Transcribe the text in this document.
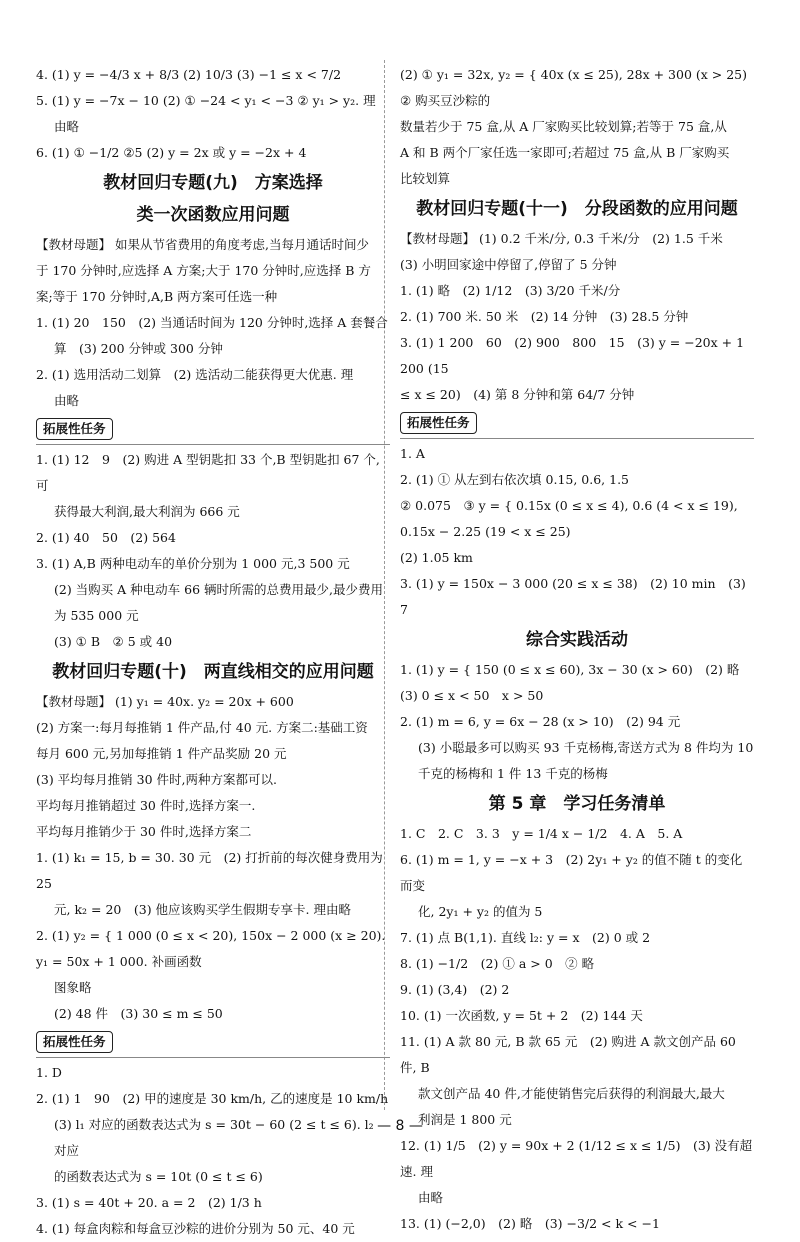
4. (1) y = −4/3 x + 8/3 (2) 10/3 (3) −1 ≤ x < 7/2

5. (1) y = −7x − 10 (2) ① −24 < y₁ < −3 ② y₁ > y₂. 理

由略

6. (1) ① −1/2 ②5 (2) y = 2x 或 y = −2x + 4

教材回归专题(九)　方案选择
类一次函数应用问题

【教材母题】 如果从节省费用的角度考虑,当每月通话时间少

于 170 分钟时,应选择 A 方案;大于 170 分钟时,应选择 B 方

案;等于 170 分钟时,A,B 两方案可任选一种

1. (1) 20　150　(2) 当通话时间为 120 分钟时,选择 A 套餐合

算　(3) 200 分钟或 300 分钟

2. (1) 选用活动二划算　(2) 选活动二能获得更大优惠. 理

由略

拓展性任务

1. (1) 12　9　(2) 购进 A 型钥匙扣 33 个,B 型钥匙扣 67 个,可

获得最大利润,最大利润为 666 元

2. (1) 40　50　(2) 564

3. (1) A,B 两种电动车的单价分别为 1 000 元,3 500 元

(2) 当购买 A 种电动车 66 辆时所需的总费用最少,最少费用

为 535 000 元

(3) ① B　② 5 或 40

教材回归专题(十)　两直线相交的应用问题

【教材母题】 (1) y₁ = 40x. y₂ = 20x + 600

(2) 方案一:每月每推销 1 件产品,付 40 元. 方案二:基础工资

每月 600 元,另加每推销 1 件产品奖励 20 元

(3) 平均每月推销 30 件时,两种方案都可以.

平均每月推销超过 30 件时,选择方案一.

平均每月推销少于 30 件时,选择方案二

1. (1) k₁ = 15, b = 30. 30 元　(2) 打折前的每次健身费用为 25

元, k₂ = 20　(3) 他应该购买学生假期专享卡. 理由略

2. (1) y₂ = { 1 000 (0 ≤ x < 20), 150x − 2 000 (x ≥ 20). y₁ = 50x + 1 000. 补画函数

图象略

(2) 48 件　(3) 30 ≤ m ≤ 50

拓展性任务

1. D

2. (1) 1　90　(2) 甲的速度是 30 km/h, 乙的速度是 10 km/h

(3) l₁ 对应的函数表达式为 s = 30t − 60 (2 ≤ t ≤ 6). l₂ 对应

的函数表达式为 s = 10t (0 ≤ t ≤ 6)

3. (1) s = 40t + 20. a = 2　(2) 1/3 h

4. (1) 每盒肉粽和每盒豆沙粽的进价分别为 50 元、40 元

(2) ① y₁ = 32x, y₂ = { 40x (x ≤ 25), 28x + 300 (x > 25)　② 购买豆沙粽的

数量若少于 75 盒,从 A 厂家购买比较划算;若等于 75 盒,从

A 和 B 两个厂家任选一家即可;若超过 75 盒,从 B 厂家购买

比较划算

教材回归专题(十一)　分段函数的应用问题

【教材母题】 (1) 0.2 千米/分, 0.3 千米/分　(2) 1.5 千米

(3) 小明回家途中停留了,停留了 5 分钟

1. (1) 略　(2) 1/12　(3) 3/20 千米/分

2. (1) 700 米. 50 米　(2) 14 分钟　(3) 28.5 分钟

3. (1) 1 200　60　(2) 900　800　15　(3) y = −20x + 1 200 (15

≤ x ≤ 20)　(4) 第 8 分钟和第 64/7 分钟

拓展性任务

1. A

2. (1) ① 从左到右依次填 0.15, 0.6, 1.5

② 0.075　③ y = { 0.15x (0 ≤ x ≤ 4), 0.6 (4 < x ≤ 19), 0.15x − 2.25 (19 < x ≤ 25)

(2) 1.05 km

3. (1) y = 150x − 3 000 (20 ≤ x ≤ 38)　(2) 10 min　(3) 7

综合实践活动

1. (1) y = { 150 (0 ≤ x ≤ 60), 3x − 30 (x > 60)　(2) 略　(3) 0 ≤ x < 50　x > 50

2. (1) m = 6, y = 6x − 28 (x > 10)　(2) 94 元

(3) 小聪最多可以购买 93 千克杨梅,寄送方式为 8 件均为 10

千克的杨梅和 1 件 13 千克的杨梅

第 5 章　学习任务清单

1. C　2. C　3. 3　y = 1/4 x − 1/2　4. A　5. A

6. (1) m = 1, y = −x + 3　(2) 2y₁ + y₂ 的值不随 t 的变化而变

化, 2y₁ + y₂ 的值为 5

7. (1) 点 B(1,1). 直线 l₂: y = x　(2) 0 或 2

8. (1) −1/2　(2) ① a > 0　② 略

9. (1) (3,4)　(2) 2

10. (1) 一次函数, y = 5t + 2　(2) 144 天

11. (1) A 款 80 元, B 款 65 元　(2) 购进 A 款文创产品 60 件, B

款文创产品 40 件,才能使销售完后获得的利润最大,最大

利润是 1 800 元

12. (1) 1/5　(2) y = 90x + 2 (1/12 ≤ x ≤ 1/5)　(3) 没有超速. 理

由略

13. (1) (−2,0)　(2) 略　(3) −3/2 < k < −1

— 8 —
